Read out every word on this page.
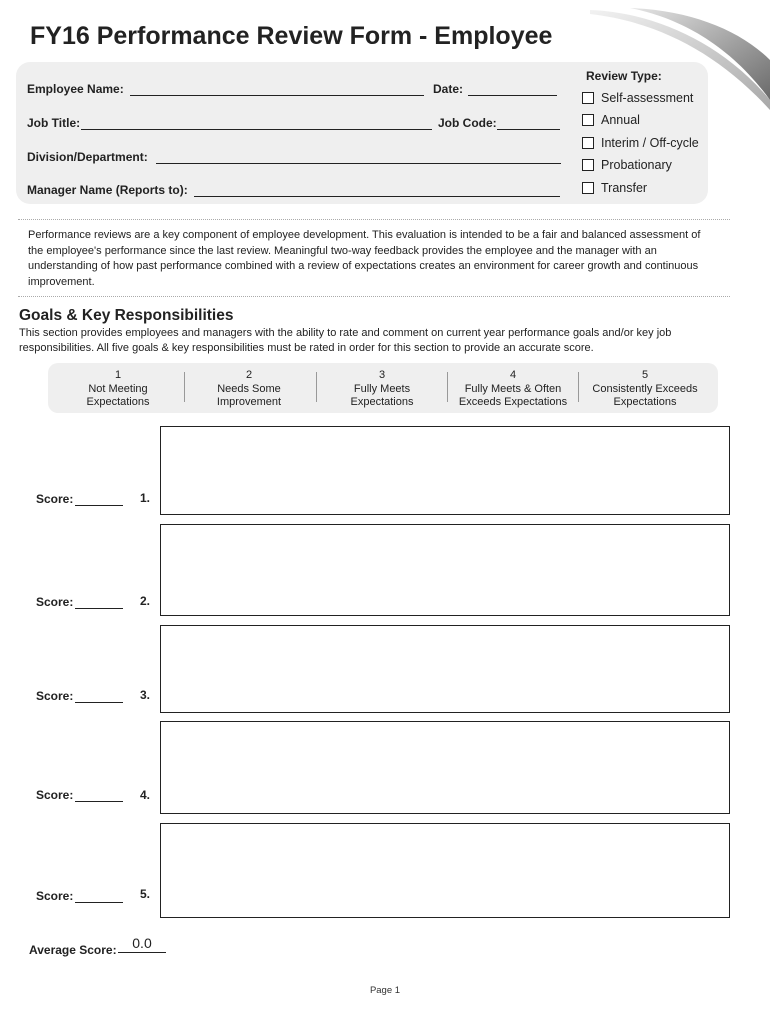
FY16 Performance Review Form - Employee
Employee Name:	Date:
Job Title:	Job Code:
Division/Department:
Manager Name (Reports to):
Review Type:
Self-assessment
Annual
Interim / Off-cycle
Probationary
Transfer
Performance reviews are a key component of employee development. This evaluation is intended to be a fair and balanced assessment of the employee's performance since the last review. Meaningful two-way feedback provides the employee and the manager with an understanding of how past performance combined with a review of expectations creates an environment for career growth and continuous improvement.
Goals & Key Responsibilities
This section provides employees and managers with the ability to rate and comment on current year performance goals and/or key job responsibilities. All five goals & key responsibilities must be rated in order for this section to provide an accurate score.
1
Not Meeting
Expectations
2
Needs Some
Improvement
3
Fully Meets
Expectations
4
Fully Meets & Often
Exceeds Expectations
5
Consistently Exceeds
Expectations
Score:	1.
Score:	2.
Score:	3.
Score:	4.
Score:	5.
Average Score:	0.0
Page 1
